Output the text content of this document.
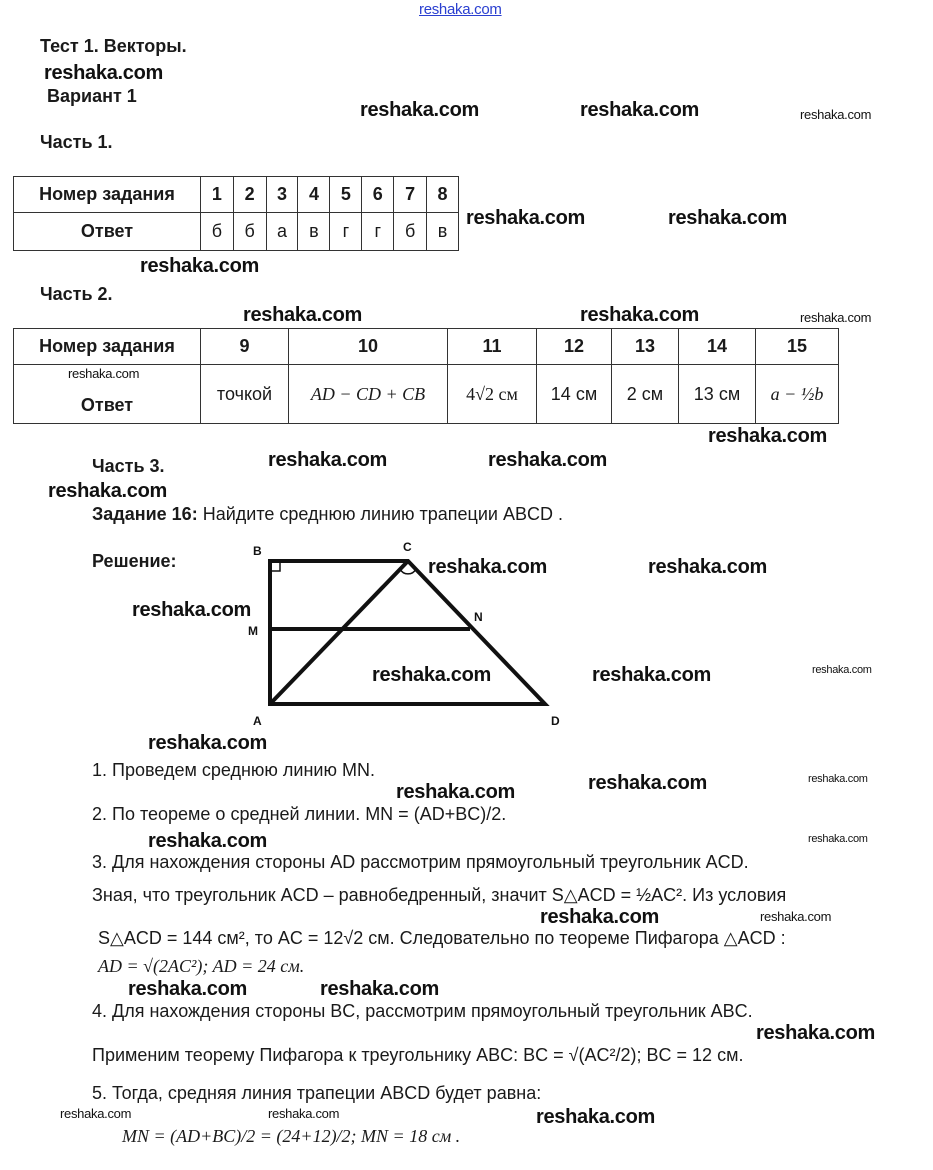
Тест 1. Векторы.
Вариант 1
Часть 1.
Номер задания	1	2	3	4	5	6	7	8
Ответ	б	б	а	в	г	г	б	в
Часть 2.
Номер задания	9	10	11	12	13	14	15
Ответ	точкой	AD − CD + CB	4√2 см	14 см	2 см	13 см	a − ½b
Часть 3.
Задание 16: Найдите среднюю линию трапеции ABCD .
Решение:	B	C
A	D
M
N
1. Проведем среднюю линию MN.
2. По теореме о средней линии. MN = (AD+BC)/2.
3. Для нахождения стороны AD рассмотрим прямоугольный треугольник ACD.
Зная, что треугольник ACD – равнобедренный, значит S△ACD = ½AC². Из условия
S△ACD = 144 см², то AC = 12√2 см. Следовательно по теореме Пифагора △ACD :
AD = √(2AC²); AD = 24 см.
4. Для нахождения стороны BC, рассмотрим прямоугольный треугольник ABC.
Применим теорему Пифагора к треугольнику ABC: BC = √(AC²/2); BC = 12 см.
5. Тогда, средняя линия трапеции ABCD будет равна:
MN = (AD+BC)/2 = (24+12)/2; MN = 18 см .
reshaka.com
reshaka.com
reshaka.com	reshaka.com	reshaka.com
reshaka.com
reshaka.com	reshaka.com
reshaka.com	reshaka.com	reshaka.com
reshaka.com
reshaka.com
reshaka.com	reshaka.com
reshaka.com
reshaka.com	reshaka.com
reshaka.com
reshaka.com	reshaka.com	reshaka.com
reshaka.com
reshaka.com	reshaka.com	reshaka.com
reshaka.com	reshaka.com
reshaka.com	reshaka.com
reshaka.com	reshaka.com
reshaka.com
reshaka.com	reshaka.com	reshaka.com
